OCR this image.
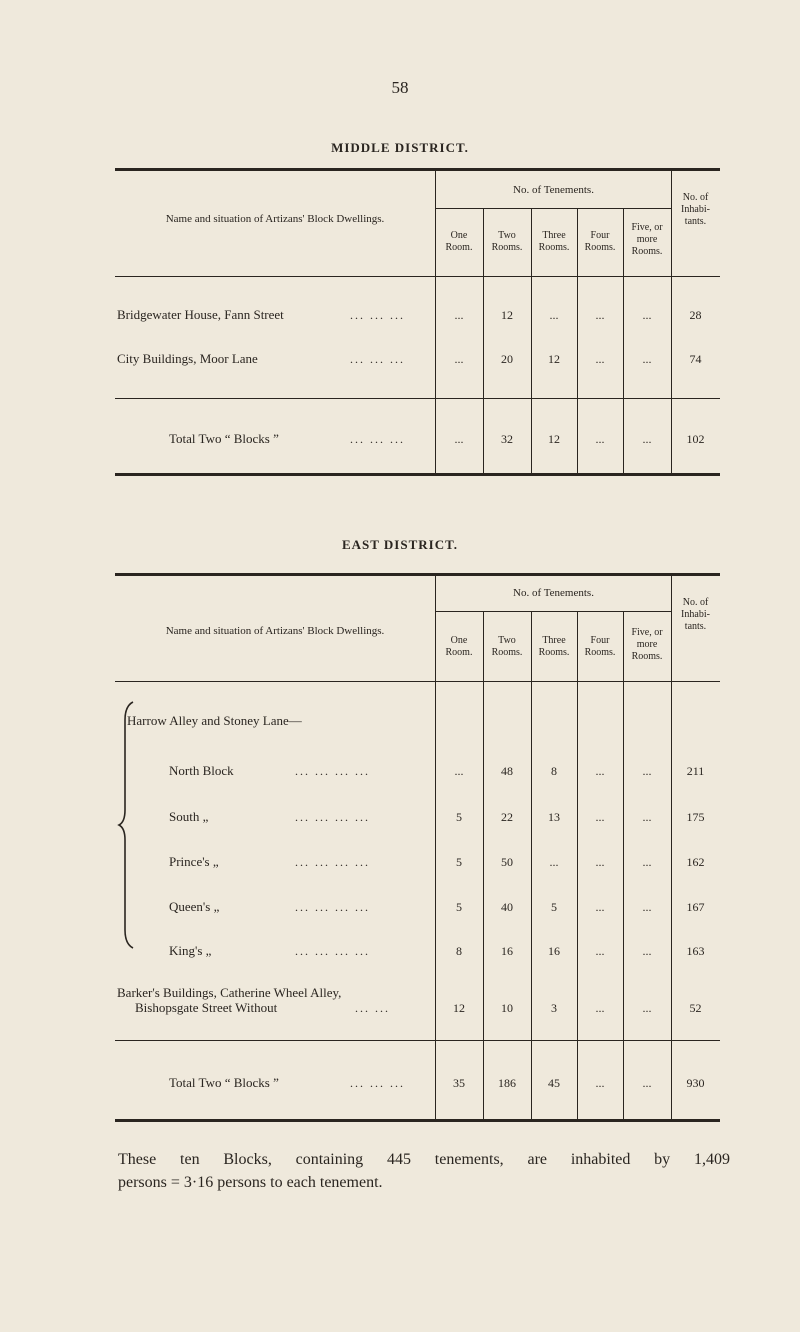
58
MIDDLE DISTRICT.
Name and situation of Artizans' Block Dwellings.
No. of Tenements.
One
Room.
Two
Rooms.
Three
Rooms.
Four
Rooms.
Five, or
more
Rooms.
No. of
Inhabi-
tants.
Bridgewater House, Fann Street	... ... ...	...	12	...	...	...	28
City Buildings, Moor Lane	... ... ...	...	20	12	...	...	74
Total Two “ Blocks ”	... ... ...	...	32	12	...	...	102
EAST DISTRICT.
Name and situation of Artizans' Block Dwellings.
No. of Tenements.
One
Room.
Two
Rooms.
Three
Rooms.
Four
Rooms.
Five, or
more
Rooms.
No. of
Inhabi-
tants.
Harrow Alley and Stoney Lane—
North Block	... ... ... ...	...	48	8	...	...	211
South „	... ... ... ...	5	22	13	...	...	175
Prince's „	... ... ... ...	5	50	...	...	...	162
Queen's „	... ... ... ...	5	40	5	...	...	167
King's „	... ... ... ...	8	16	16	...	...	163
Barker's Buildings, Catherine Wheel Alley,
Bishopsgate Street Without	... ...	12	10	3	...	...	52
Total Two “ Blocks ”	... ... ...	35	186	45	...	...	930
These ten Blocks, containing 445 tenements, are inhabited by 1,409
persons = 3·16 persons to each tenement.
